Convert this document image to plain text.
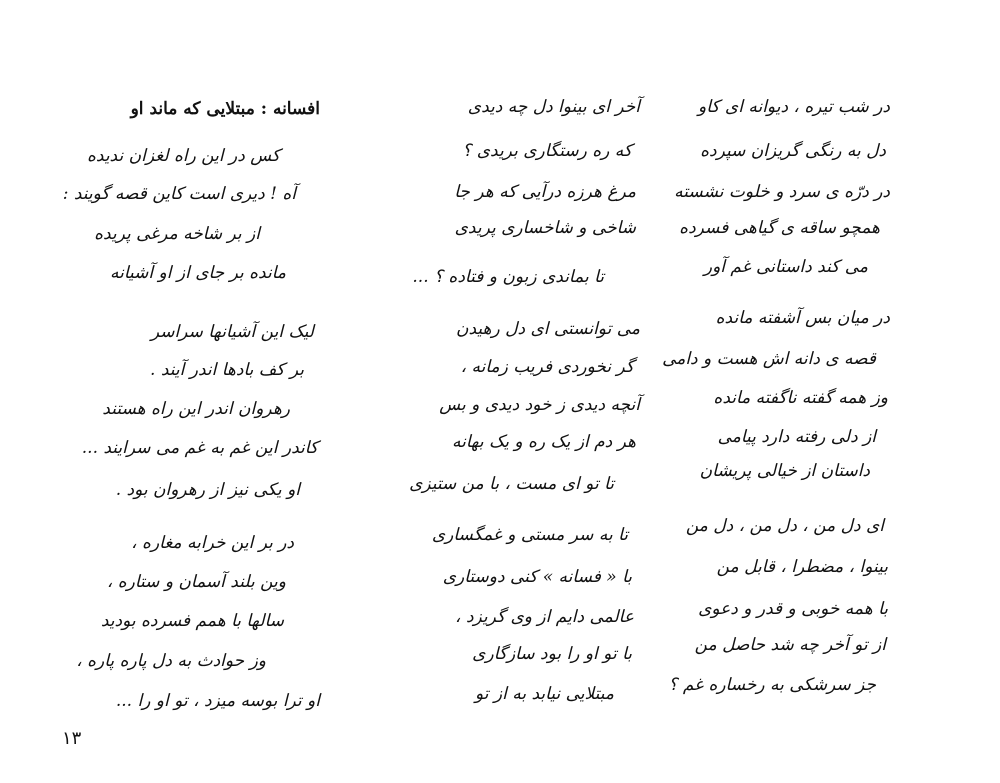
در شب تیره ، دیوانه ای کاو
دل به رنگی گریزان سپرده
در درّه ی سرد و خلوت نشسته
همچو ساقه ی گیاهی فسرده
می کند داستانی غم آور
در میان بس آشفته مانده
قصه ی دانه اش هست و دامی
وز همه گفته ناگفته مانده
از دلی رفته دارد پیامی
داستان از خیالی پریشان
ای دل من ، دل من ، دل من
بینوا ، مضطرا ، قابل من
با همه خوبی و قدر و دعوی
از تو آخر چه شد حاصل من
جز سرشکی به رخساره غم ؟
آخر ای بینوا دل چه دیدی
که ره رستگاری بریدی ؟
مرغ هرزه درآیی که هر جا
شاخی و شاخساری پریدی
تا بماندی زبون و فتاده ؟ ...
می توانستی ای دل رهیدن
گر نخوردی فریب زمانه ،
آنچه دیدی ز خود دیدی و بس
هر دم از یک ره و یک بهانه
تا تو ای مست ، با من ستیزی
تا به سر مستی و غمگساری
با « فسانه » کنی دوستاری
عالمی دایم از وی گریزد ،
با تو او را بود سازگاری
مبتلایی نیابد به از تو
افسانه : مبتلایی که ماند او
کس در این راه لغزان ندیده
آه ! دیری است کاین قصه گویند :
از بر شاخه مرغی پریده
مانده بر جای از او آشیانه
لیک این آشیانها سراسر
بر کف بادها اندر آیند .
رهروان اندر این راه هستند
کاندر این غم به غم می سرایند ...
او یکی نیز از رهروان بود .
در بر این خرابه مغاره ،
وین بلند آسمان و ستاره ،
سالها با همم فسرده بودید
وز حوادث به دل پاره پاره ،
او ترا بوسه میزد ، تو او را ...
۱۳
